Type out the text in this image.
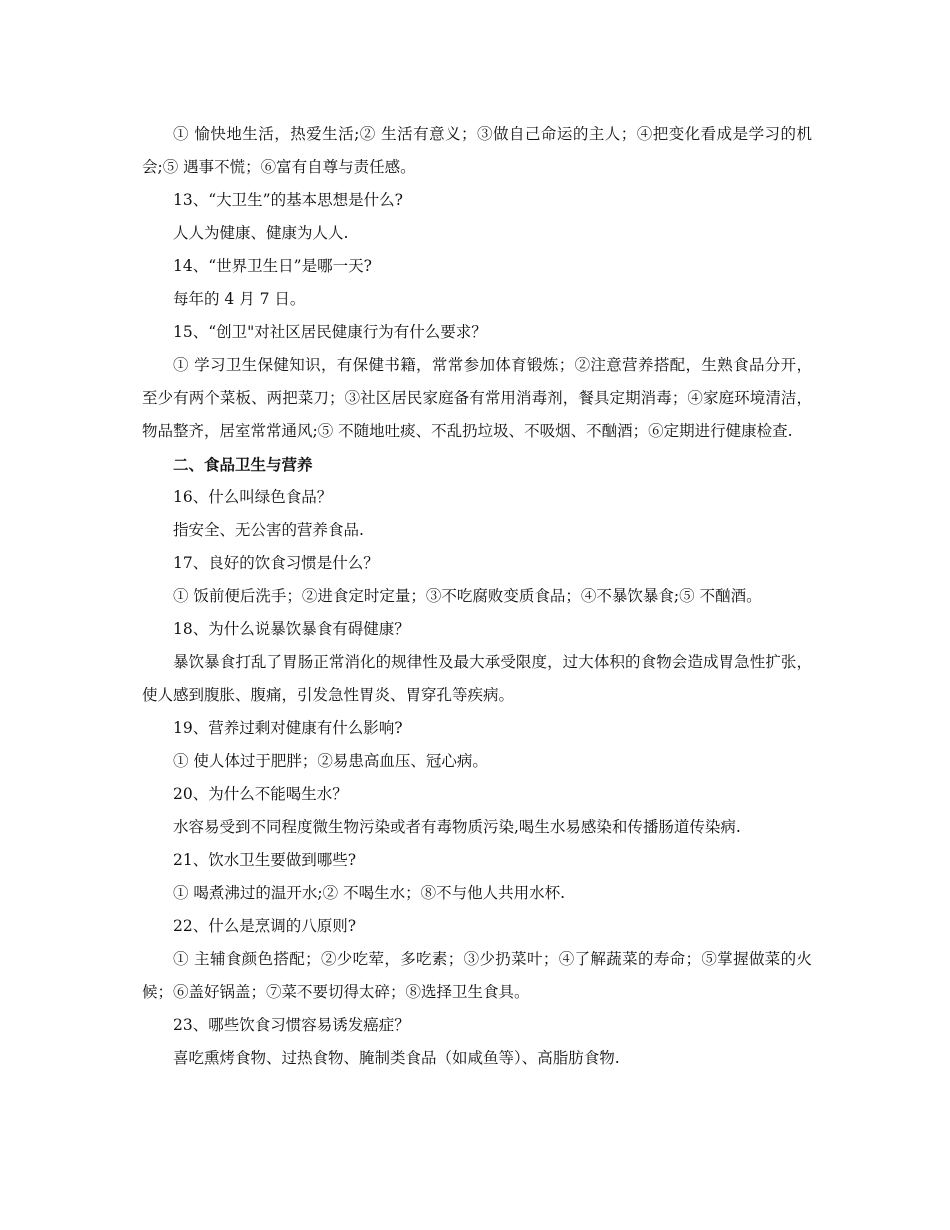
① 愉快地生活，热爱生活;② 生活有意义；③做自己命运的主人；④把变化看成是学习的机会;⑤ 遇事不慌；⑥富有自尊与责任感。

13、“大卫生”的基本思想是什么?

人人为健康、健康为人人.

14、“世界卫生日”是哪一天?

每年的 4 月 7 日。

15、“创卫"对社区居民健康行为有什么要求？

① 学习卫生保健知识，有保健书籍，常常参加体育锻炼；②注意营养搭配，生熟食品分开，至少有两个菜板、两把菜刀；③社区居民家庭备有常用消毒剂，餐具定期消毒；④家庭环境清洁，物品整齐，居室常常通风;⑤ 不随地吐痰、不乱扔垃圾、不吸烟、不酗酒；⑥定期进行健康检查.

二、食品卫生与营养

16、什么叫绿色食品？

指安全、无公害的营养食品.

17、良好的饮食习惯是什么？

① 饭前便后洗手；②进食定时定量；③不吃腐败变质食品；④不暴饮暴食;⑤ 不酗酒。

18、为什么说暴饮暴食有碍健康？

暴饮暴食打乱了胃肠正常消化的规律性及最大承受限度，过大体积的食物会造成胃急性扩张，使人感到腹胀、腹痛，引发急性胃炎、胃穿孔等疾病。

19、营养过剩对健康有什么影响?

① 使人体过于肥胖；②易患高血压、冠心病。

20、为什么不能喝生水？

水容易受到不同程度微生物污染或者有毒物质污染,喝生水易感染和传播肠道传染病.

21、饮水卫生要做到哪些?

① 喝煮沸过的温开水;② 不喝生水；⑧不与他人共用水杯.

22、什么是烹调的八原则?

① 主辅食颜色搭配；②少吃荤，多吃素；③少扔菜叶；④了解蔬菜的寿命；⑤掌握做菜的火候；⑥盖好锅盖；⑦菜不要切得太碎；⑧选择卫生食具。

23、哪些饮食习惯容易诱发癌症？

喜吃熏烤食物、过热食物、腌制类食品（如咸鱼等）、高脂肪食物.
